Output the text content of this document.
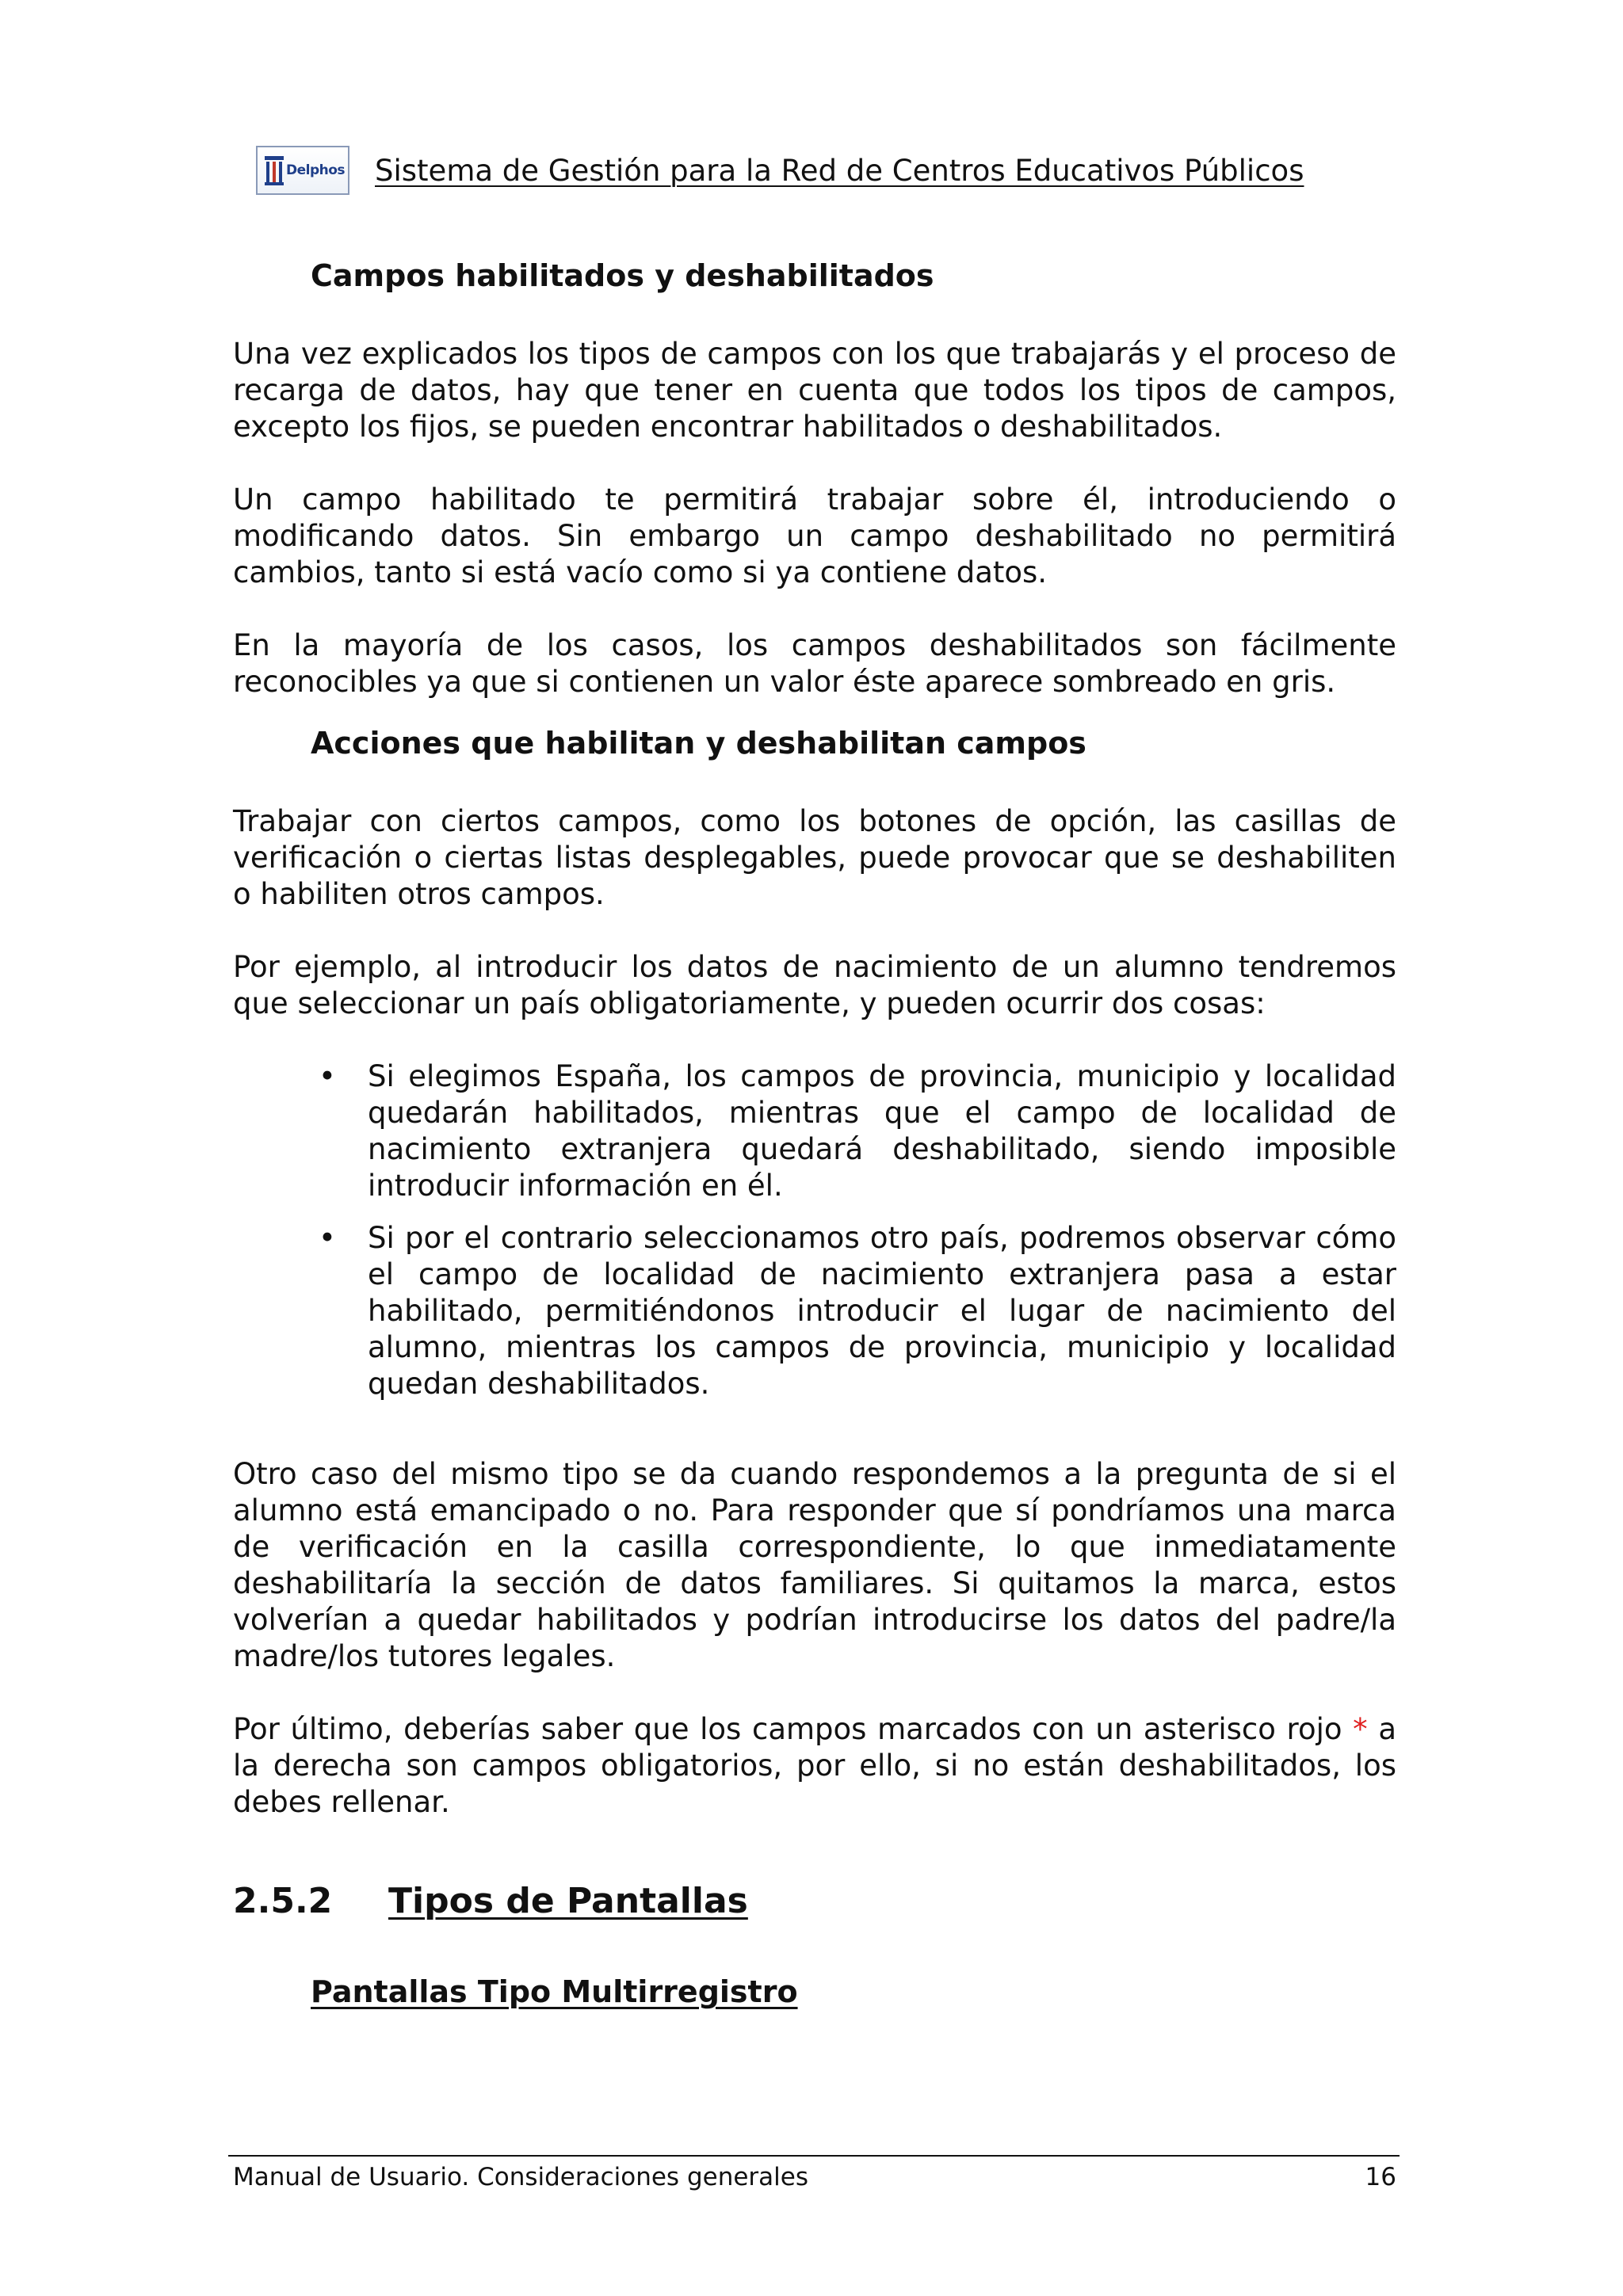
Delphos Sistema de Gestión para la Red de Centros Educativos Públicos
Campos habilitados y deshabilitados

Una vez explicados los tipos de campos con los que trabajarás y el proceso de recarga de datos, hay que tener en cuenta que todos los tipos de campos, excepto los fijos, se pueden encontrar habilitados o deshabilitados.

Un campo habilitado te permitirá trabajar sobre él, introduciendo o modificando datos. Sin embargo un campo deshabilitado no permitirá cambios, tanto si está vacío como si ya contiene datos.

En la mayoría de los casos, los campos deshabilitados son fácilmente reconocibles ya que si contienen un valor éste aparece sombreado en gris.

Acciones que habilitan y deshabilitan campos

Trabajar con ciertos campos, como los botones de opción, las casillas de verificación o ciertas listas desplegables, puede provocar que se deshabiliten o habiliten otros campos.

Por ejemplo, al introducir los datos de nacimiento de un alumno tendremos que seleccionar un país obligatoriamente, y pueden ocurrir dos cosas:

• Si elegimos España, los campos de provincia, municipio y localidad quedarán habilitados, mientras que el campo de localidad de nacimiento extranjera quedará deshabilitado, siendo imposible introducir información en él.
• Si por el contrario seleccionamos otro país, podremos observar cómo el campo de localidad de nacimiento extranjera pasa a estar habilitado, permitiéndonos introducir el lugar de nacimiento del alumno, mientras los campos de provincia, municipio y localidad quedan deshabilitados.

Otro caso del mismo tipo se da cuando respondemos a la pregunta de si el alumno está emancipado o no. Para responder que sí pondríamos una marca de verificación en la casilla correspondiente, lo que inmediatamente deshabilitaría la sección de datos familiares. Si quitamos la marca, estos volverían a quedar habilitados y podrían introducirse los datos del padre/la madre/los tutores legales.

Por último, deberías saber que los campos marcados con un asterisco rojo * a la derecha son campos obligatorios, por ello, si no están deshabilitados, los debes rellenar.

2.5.2 Tipos de Pantallas
Pantallas Tipo Multirregistro
Manual de Usuario. Consideraciones generales	16
